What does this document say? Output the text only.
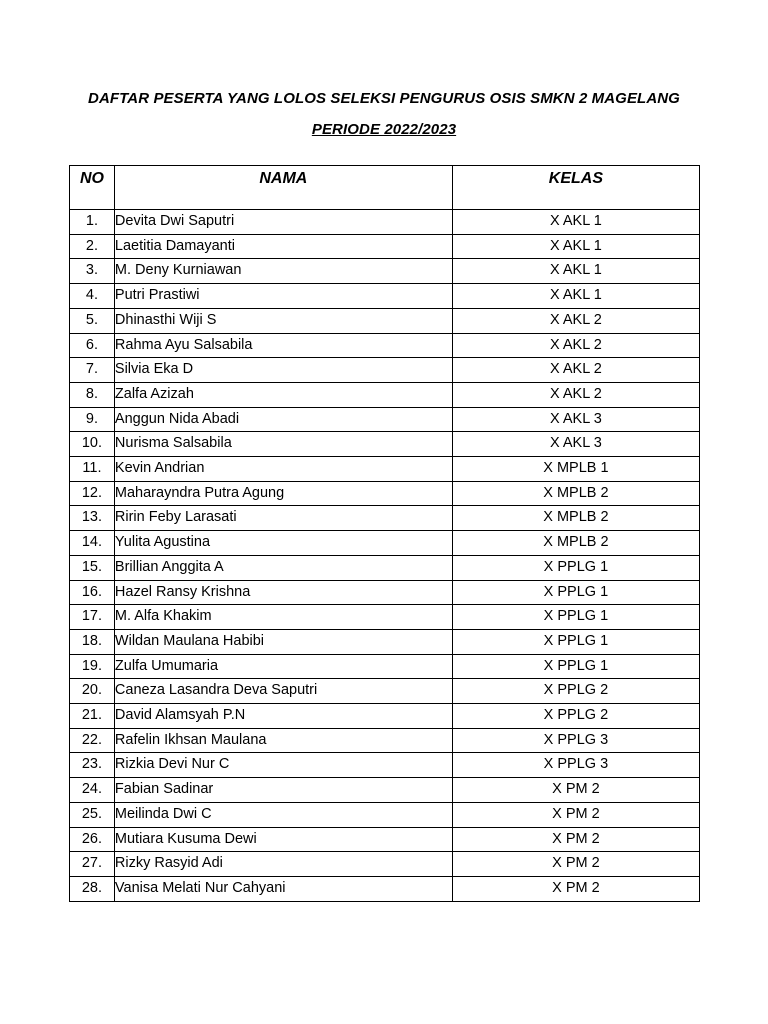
DAFTAR PESERTA YANG LOLOS SELEKSI PENGURUS OSIS SMKN 2 MAGELANG
PERIODE 2022/2023
NO	NAMA	KELAS
1.	Devita Dwi Saputri	X AKL 1
2.	Laetitia Damayanti	X AKL 1
3.	M. Deny Kurniawan	X AKL 1
4.	Putri Prastiwi	X AKL 1
5.	Dhinasthi Wiji S	X AKL 2
6.	Rahma Ayu Salsabila	X AKL 2
7.	Silvia Eka D	X AKL 2
8.	Zalfa Azizah	X AKL 2
9.	Anggun Nida Abadi	X AKL 3
10.	Nurisma Salsabila	X AKL 3
11.	Kevin Andrian	X MPLB 1
12.	Maharayndra Putra Agung	X MPLB 2
13.	Ririn Feby Larasati	X MPLB 2
14.	Yulita Agustina	X MPLB 2
15.	Brillian Anggita A	X PPLG 1
16.	Hazel Ransy Krishna	X PPLG 1
17.	M. Alfa Khakim	X PPLG 1
18.	Wildan Maulana Habibi	X PPLG 1
19.	Zulfa Umumaria	X PPLG 1
20.	Caneza Lasandra Deva Saputri	X PPLG 2
21.	David Alamsyah P.N	X PPLG 2
22.	Rafelin Ikhsan Maulana	X PPLG 3
23.	Rizkia Devi Nur C	X PPLG 3
24.	Fabian Sadinar	X PM 2
25.	Meilinda Dwi C	X PM 2
26.	Mutiara Kusuma Dewi	X PM 2
27.	Rizky Rasyid Adi	X PM 2
28.	Vanisa Melati Nur Cahyani	X PM 2
